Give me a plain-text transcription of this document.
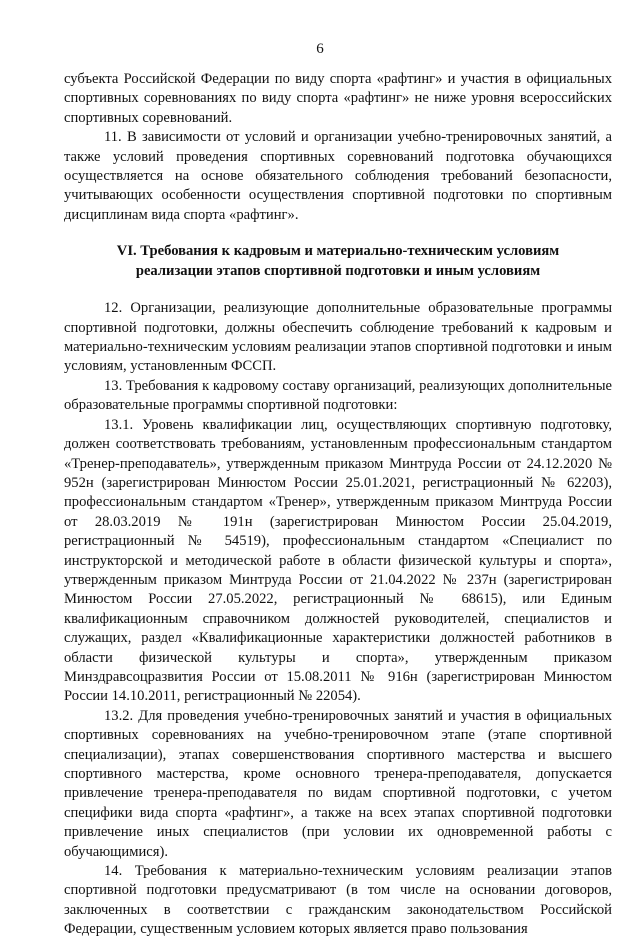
6

субъекта Российской Федерации по виду спорта «рафтинг» и участия в официальных спортивных соревнованиях по виду спорта «рафтинг» не ниже уровня всероссийских спортивных соревнований.

11. В зависимости от условий и организации учебно-тренировочных занятий, а также условий проведения спортивных соревнований подготовка обучающихся осуществляется на основе обязательного соблюдения требований безопасности, учитывающих особенности осуществления спортивной подготовки по спортивным дисциплинам вида спорта «рафтинг».

VI. Требования к кадровым и материально-техническим условиям
реализации этапов спортивной подготовки и иным условиям

12. Организации, реализующие дополнительные образовательные программы спортивной подготовки, должны обеспечить соблюдение требований к кадровым и материально-техническим условиям реализации этапов спортивной подготовки и иным условиям, установленным ФССП.

13. Требования к кадровому составу организаций, реализующих дополнительные образовательные программы спортивной подготовки:

13.1. Уровень квалификации лиц, осуществляющих спортивную подготовку, должен соответствовать требованиям, установленным профессиональным стандартом «Тренер-преподаватель», утвержденным приказом Минтруда России от 24.12.2020 № 952н (зарегистрирован Минюстом России 25.01.2021, регистрационный № 62203), профессиональным стандартом «Тренер», утвержденным приказом Минтруда России от 28.03.2019 № 191н (зарегистрирован Минюстом России 25.04.2019, регистрационный № 54519), профессиональным стандартом «Специалист по инструкторской и методической работе в области физической культуры и спорта», утвержденным приказом Минтруда России от 21.04.2022 № 237н (зарегистрирован Минюстом России 27.05.2022, регистрационный № 68615), или Единым квалификационным справочником должностей руководителей, специалистов и служащих, раздел «Квалификационные характеристики должностей работников в области физической культуры и спорта», утвержденным приказом Минздравсоцразвития России от 15.08.2011 № 916н (зарегистрирован Минюстом России 14.10.2011, регистрационный № 22054).

13.2. Для проведения учебно-тренировочных занятий и участия в официальных спортивных соревнованиях на учебно-тренировочном этапе (этапе спортивной специализации), этапах совершенствования спортивного мастерства и высшего спортивного мастерства, кроме основного тренера-преподавателя, допускается привлечение тренера-преподавателя по видам спортивной подготовки, с учетом специфики вида спорта «рафтинг», а также на всех этапах спортивной подготовки привлечение иных специалистов (при условии их одновременной работы с обучающимися).

14. Требования к материально-техническим условиям реализации этапов спортивной подготовки предусматривают (в том числе на основании договоров, заключенных в соответствии с гражданским законодательством Российской Федерации, существенным условием которых является право пользования
